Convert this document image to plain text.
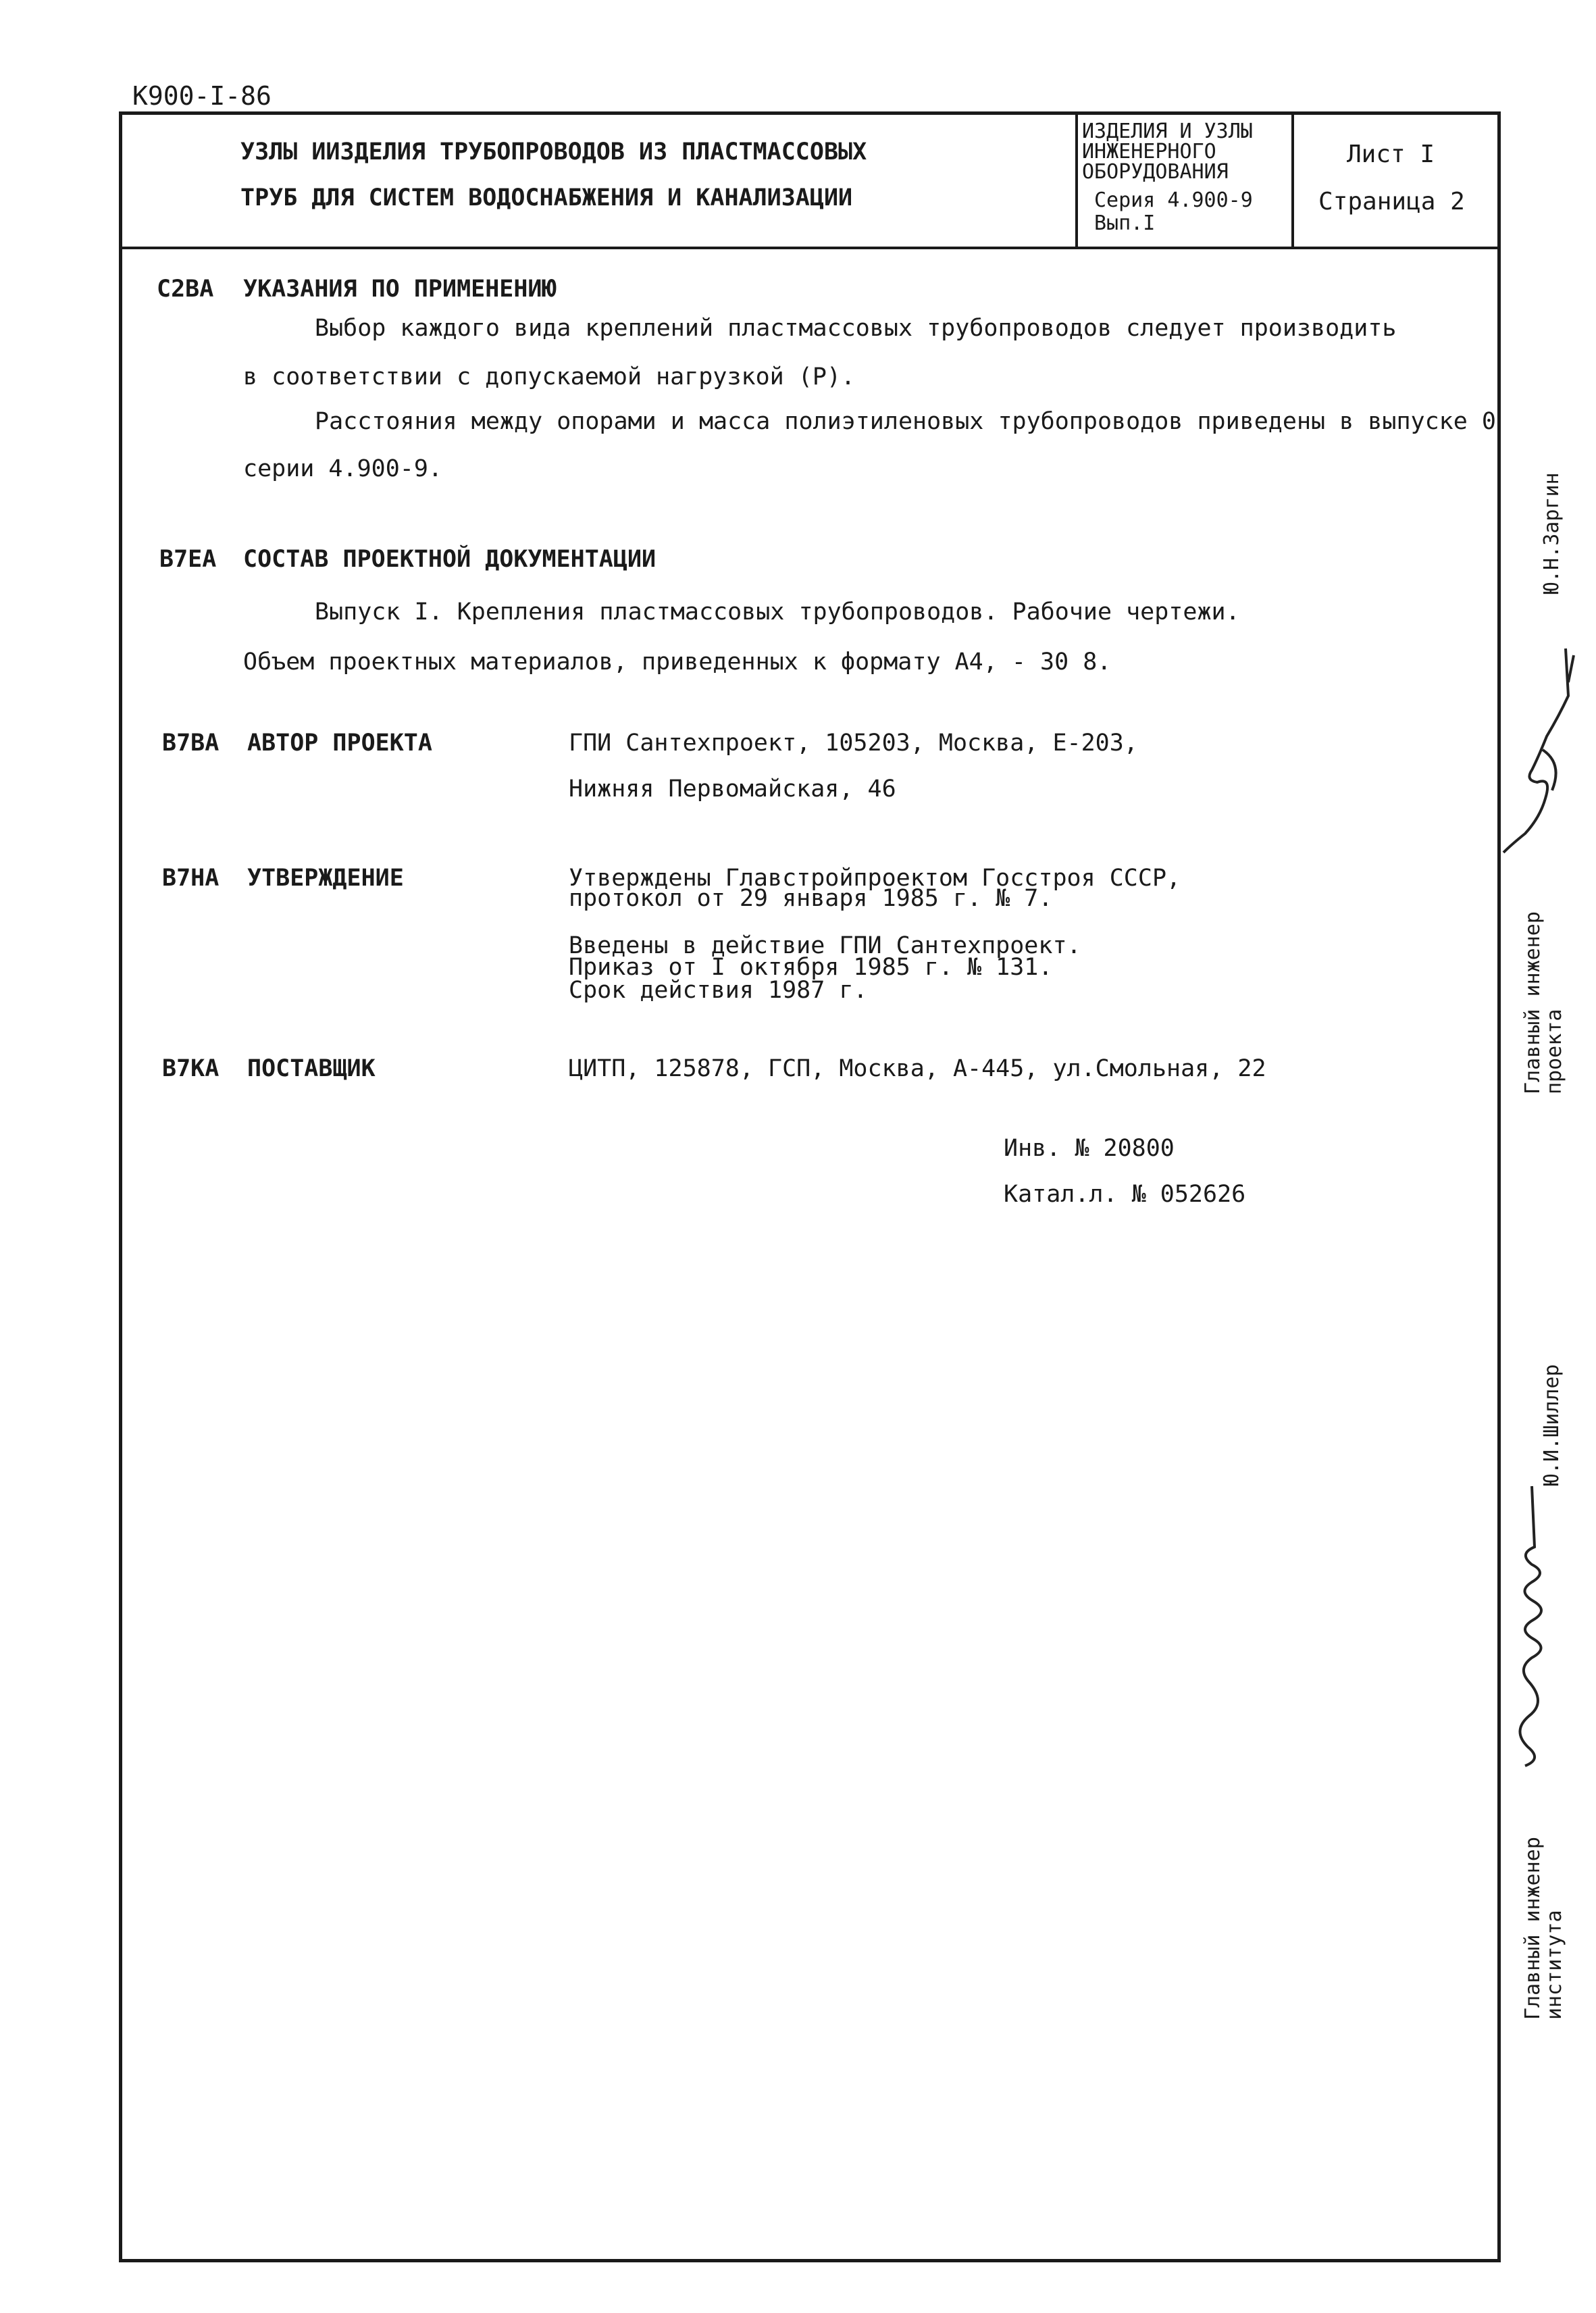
К900-I-86
УЗЛЫ ИИЗДЕЛИЯ ТРУБОПРОВОДОВ ИЗ ПЛАСТМАССОВЫХ
ТРУБ ДЛЯ СИСТЕМ ВОДОСНАБЖЕНИЯ И КАНАЛИЗАЦИИ
ИЗДЕЛИЯ И УЗЛЫ
ИНЖЕНЕРНОГО
ОБОРУДОВАНИЯ
Серия 4.900-9
Вып.I
Лист I
Страница 2
С2ВА УКАЗАНИЯ ПО ПРИМЕНЕНИЮ
Выбор каждого вида креплений пластмассовых трубопроводов следует производить
в соответствии с допускаемой нагрузкой (Р).
Расстояния между опорами и масса полиэтиленовых трубопроводов приведены в выпуске 0
серии 4.900-9.
В7ЕА СОСТАВ ПРОЕКТНОЙ ДОКУМЕНТАЦИИ
Выпуск I. Крепления пластмассовых трубопроводов. Рабочие чертежи.
Объем проектных материалов, приведенных к формату А4, - 30 8.
В7ВА АВТОР ПРОЕКТА	ГПИ Сантехпроект, 105203, Москва, Е-203,
Нижняя Первомайская, 46
В7НА УТВЕРЖДЕНИЕ	Утверждены Главстройпроектом Госстроя СССР,
протокол от 29 января 1985 г. № 7.
Введены в действие ГПИ Сантехпроект.
Приказ от I октября 1985 г. № 131.
Срок действия 1987 г.
В7КА ПОСТАВЩИК	ЦИТП, 125878, ГСП, Москва, А-445, ул.Смольная, 22
Инв. № 20800
Катал.л. № 052626
Главный инженер
проекта
Ю.Н.Заргин
Главный инженер
института
Ю.И.Шиллер
